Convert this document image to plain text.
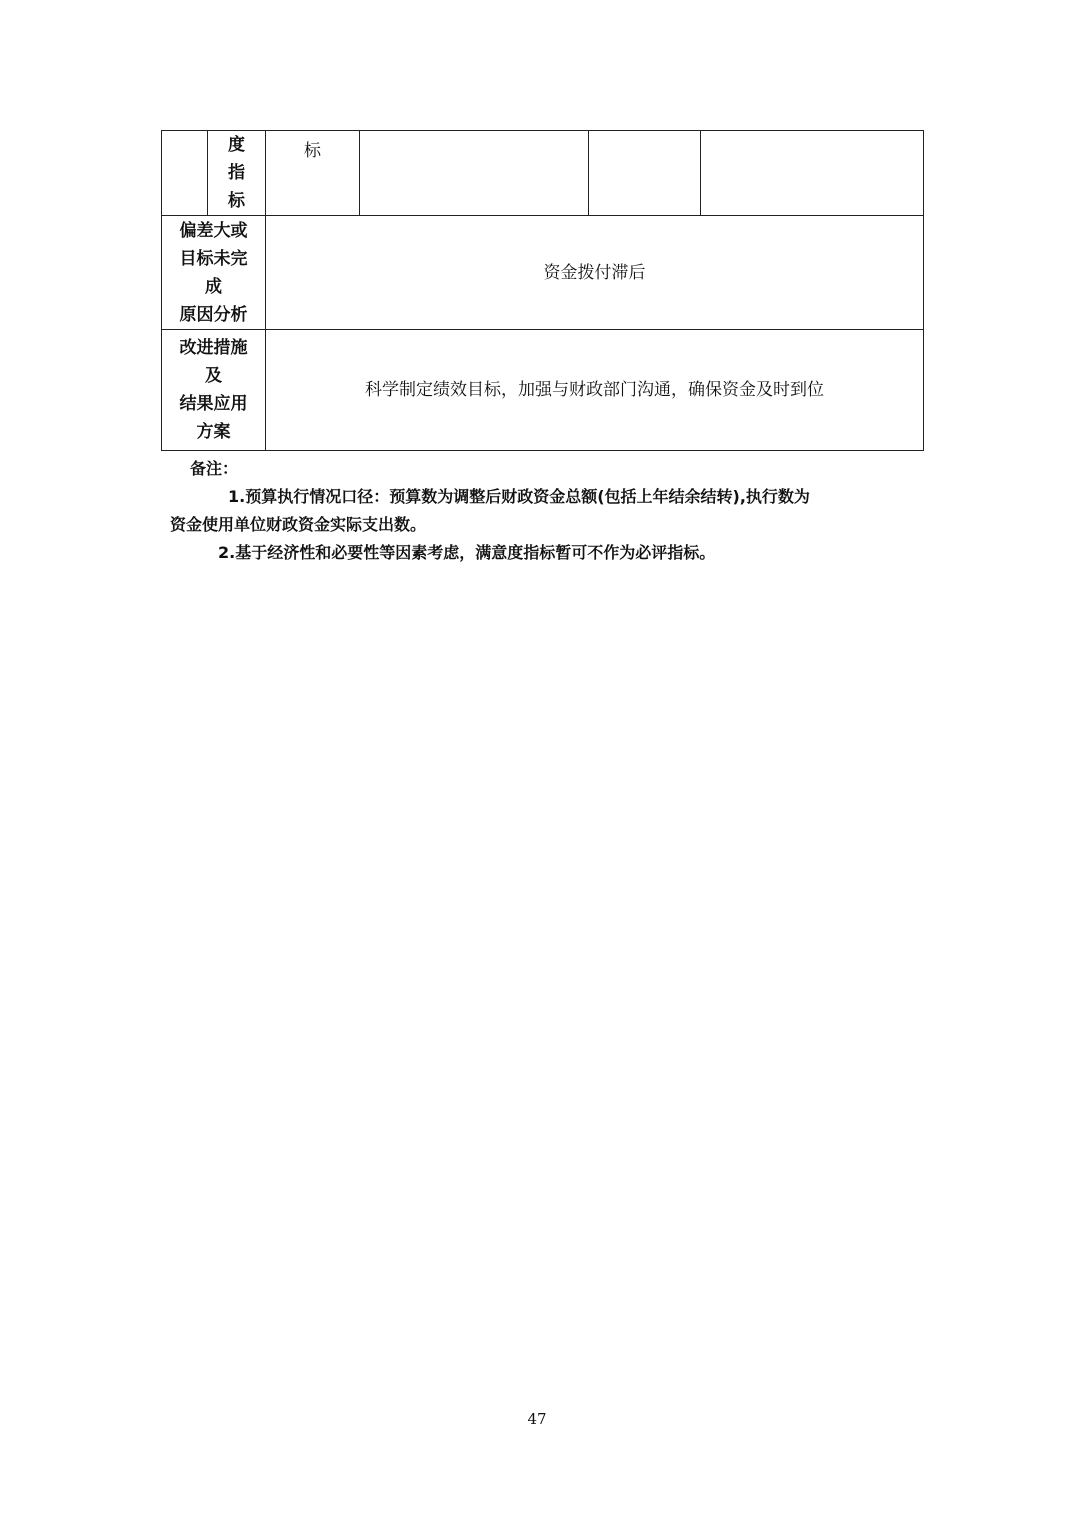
	度
指
标	标			

偏差大或
目标未完
成
原因分析		资金拨付滞后			

改进措施
及
结果应用
方案		科学制定绩效目标，加强与财政部门沟通，确保资金及时到位			

备注：

1.预算执行情况口径：预算数为调整后财政资金总额(包括上年结余结转),执行数为

资金使用单位财政资金实际支出数。

2.基于经济性和必要性等因素考虑，满意度指标暂可不作为必评指标。

47
